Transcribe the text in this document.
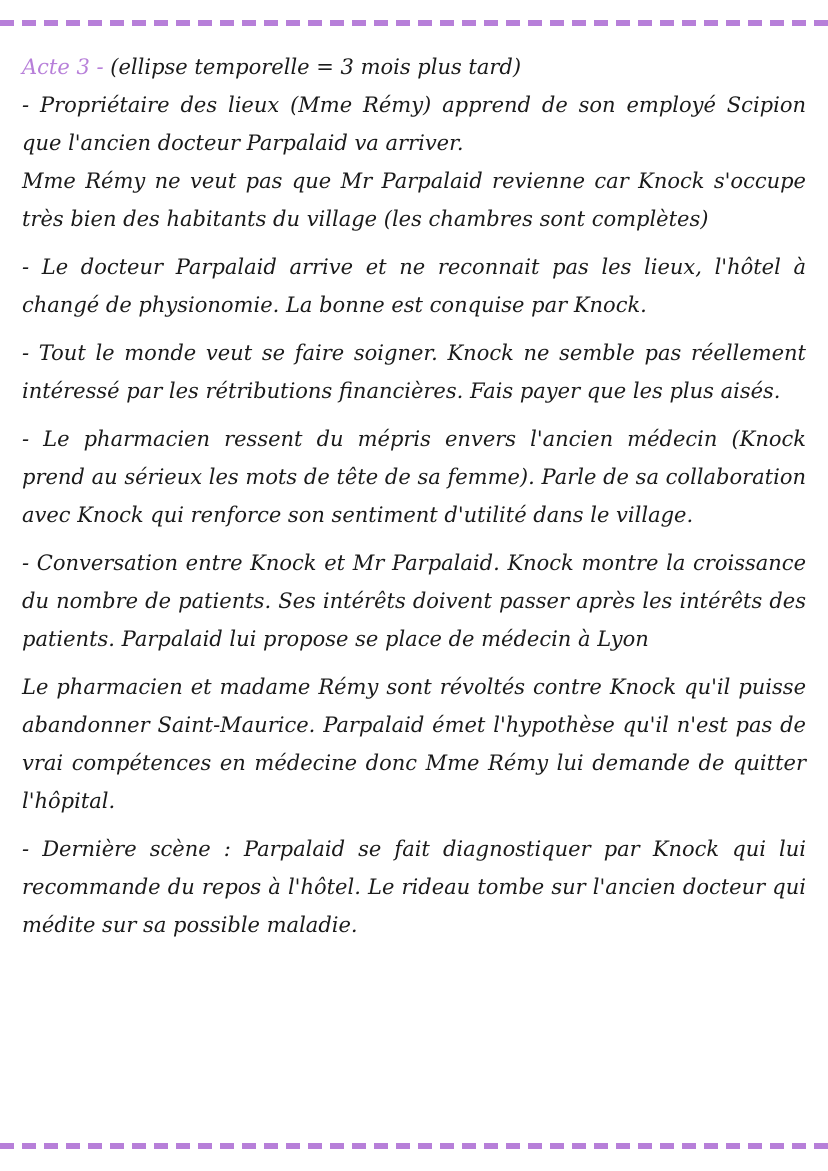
Acte 3 - (ellipse temporelle = 3 mois plus tard)

- Propriétaire des lieux (Mme Rémy) apprend de son employé Scipion que l'ancien docteur Parpalaid va arriver.

Mme Rémy ne veut pas que Mr Parpalaid revienne car Knock s'occupe très bien des habitants du village (les chambres sont complètes)

- Le docteur Parpalaid arrive et ne reconnait pas les lieux, l'hôtel à changé de physionomie. La bonne est conquise par Knock.

- Tout le monde veut se faire soigner. Knock ne semble pas réellement intéressé par les rétributions financières. Fais payer que les plus aisés.

- Le pharmacien ressent du mépris envers l'ancien médecin (Knock prend au sérieux les mots de tête de sa femme). Parle de sa collaboration avec Knock qui renforce son sentiment d'utilité dans le village.

- Conversation entre Knock et Mr Parpalaid. Knock montre la croissance du nombre de patients. Ses intérêts doivent passer après les intérêts des patients. Parpalaid lui propose se place de médecin à Lyon

Le pharmacien et madame Rémy sont révoltés contre Knock qu'il puisse abandonner Saint-Maurice. Parpalaid émet l'hypothèse qu'il n'est pas de vrai compétences en médecine donc Mme Rémy lui demande de quitter l'hôpital.

- Dernière scène : Parpalaid se fait diagnostiquer par Knock qui lui recommande du repos à l'hôtel. Le rideau tombe sur l'ancien docteur qui médite sur sa possible maladie.
